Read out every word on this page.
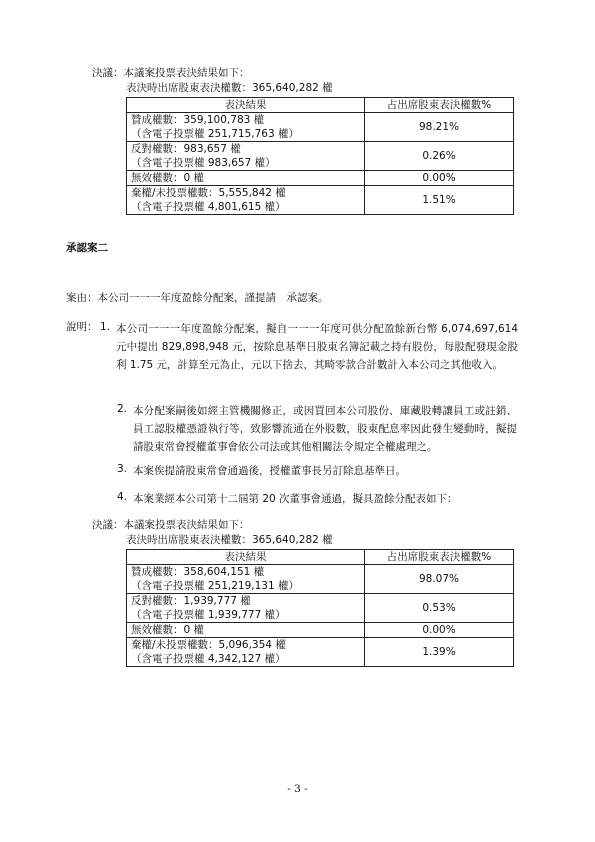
決議：本議案投票表決結果如下：
表決時出席股東表決權數：365,640,282 權
表決結果	占出席股東表決權數%

贊成權數：359,100,783 權
（含電子投票權 251,715,763 權）	98.21%

反對權數：983,657 權
（含電子投票權 983,657 權）	0.26%

無效權數：0 權	0.00%

棄權/未投票權數：5,555,842 權
（含電子投票權 4,801,615 權）	1.51%
承認案二
案由：本公司一一一年度盈餘分配案，謹提請　承認案。
說明： 1. 本公司一一一年度盈餘分配案，擬自一一一年度可供分配盈餘新台幣 6,074,697,614 元中提出 829,898,948 元，按除息基準日股東名簿記載之持有股份，每股配發現金股利 1.75 元，計算至元為止，元以下捨去，其畸零款合計數計入本公司之其他收入。
2. 本分配案嗣後如經主管機關修正，或因買回本公司股份、庫藏股轉讓員工或註銷、員工認股權憑證執行等，致影響流通在外股數，股東配息率因此發生變動時，擬提請股東常會授權董事會依公司法或其他相關法令規定全權處理之。
3. 本案俟提請股東常會通過後，授權董事長另訂除息基準日。
4. 本案業經本公司第十二屆第 20 次董事會通過，擬具盈餘分配表如下：
決議：本議案投票表決結果如下：
表決時出席股東表決權數：365,640,282 權
表決結果	占出席股東表決權數%

贊成權數：358,604,151 權
（含電子投票權 251,219,131 權）	98.07%

反對權數：1,939,777 權
（含電子投票權 1,939,777 權）	0.53%

無效權數：0 權	0.00%

棄權/未投票權數：5,096,354 權
（含電子投票權 4,342,127 權）	1.39%
- 3 -
